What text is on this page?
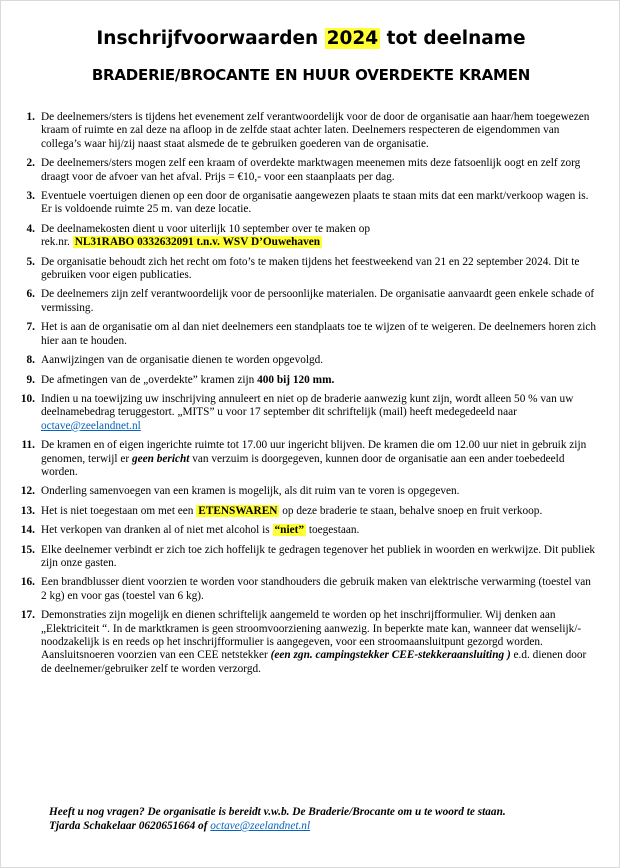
Inschrijfvoorwaarden 2024 tot deelname
BRADERIE/BROCANTE EN HUUR OVERDEKTE KRAMEN
1. De deelnemers/sters is tijdens het evenement zelf verantwoordelijk voor de door de organisatie aan haar/hem toegewezen kraam of ruimte en zal deze na afloop in de zelfde staat achter laten. Deelnemers respecteren de eigendommen van collega’s waar hij/zij naast staat alsmede de te gebruiken goederen van de organisatie.
2. De deelnemers/sters mogen zelf een kraam of overdekte marktwagen meenemen mits deze fatsoenlijk oogt en zelf zorg draagt voor de afvoer van het afval. Prijs = €10,- voor een staanplaats per dag.
3. Eventuele voertuigen dienen op een door de organisatie aangewezen plaats te staan mits dat een markt/verkoop wagen is. Er is voldoende ruimte 25 m. van deze locatie.
4. De deelnamekosten dient u voor uiterlijk 10 september over te maken op
rek.nr. NL31RABO 0332632091 t.n.v. WSV D’Ouwehaven
5. De organisatie behoudt zich het recht om foto’s te maken tijdens het feestweekend van 21 en 22 september 2024. Dit te gebruiken voor eigen publicaties.
6. De deelnemers zijn zelf verantwoordelijk voor de persoonlijke materialen. De organisatie aanvaardt geen enkele schade of vermissing.
7. Het is aan de organisatie om al dan niet deelnemers een standplaats toe te wijzen of te weigeren. De deelnemers horen zich hier aan te houden.
8. Aanwijzingen van de organisatie dienen te worden opgevolgd.
9. De afmetingen van de „overdekte” kramen zijn 400 bij 120 mm.
10. Indien u na toewijzing uw inschrijving annuleert en niet op de braderie aanwezig kunt zijn, wordt alleen 50 % van uw deelnamebedrag teruggestort. „MITS” u voor 17 september dit schriftelijk (mail) heeft medegedeeld naar octave@zeelandnet.nl
11. De kramen en of eigen ingerichte ruimte tot 17.00 uur ingericht blijven. De kramen die om 12.00 uur niet in gebruik zijn genomen, terwijl er geen bericht van verzuim is doorgegeven, kunnen door de organisatie aan een ander toebedeeld worden.
12. Onderling samenvoegen van een kramen is mogelijk, als dit ruim van te voren is opgegeven.
13. Het is niet toegestaan om met een ETENSWAREN op deze braderie te staan, behalve snoep en fruit verkoop.
14. Het verkopen van dranken al of niet met alcohol is “niet” toegestaan.
15. Elke deelnemer verbindt er zich toe zich hoffelijk te gedragen tegenover het publiek in woorden en werkwijze. Dit publiek zijn onze gasten.
16. Een brandblusser dient voorzien te worden voor standhouders die gebruik maken van elektrische verwarming (toestel van 2 kg) en voor gas (toestel van 6 kg).
17. Demonstraties zijn mogelijk en dienen schriftelijk aangemeld te worden op het inschrijfformulier. Wij denken aan „Elektriciteit “. In de marktkramen is geen stroomvoorziening aanwezig. In beperkte mate kan, wanneer dat wenselijk/-noodzakelijk is en reeds op het inschrijfformulier is aangegeven, voor een stroomaansluitpunt gezorgd worden. Aansluitsnoeren voorzien van een CEE netstekker (een zgn. campingstekker CEE-stekkeraansluiting ) e.d. dienen door de deelnemer/gebruiker zelf te worden verzorgd.
Heeft u nog vragen? De organisatie is bereidt v.w.b. De Braderie/Brocante om u te woord te staan.
Tjarda Schakelaar 0620651664 of octave@zeelandnet.nl
